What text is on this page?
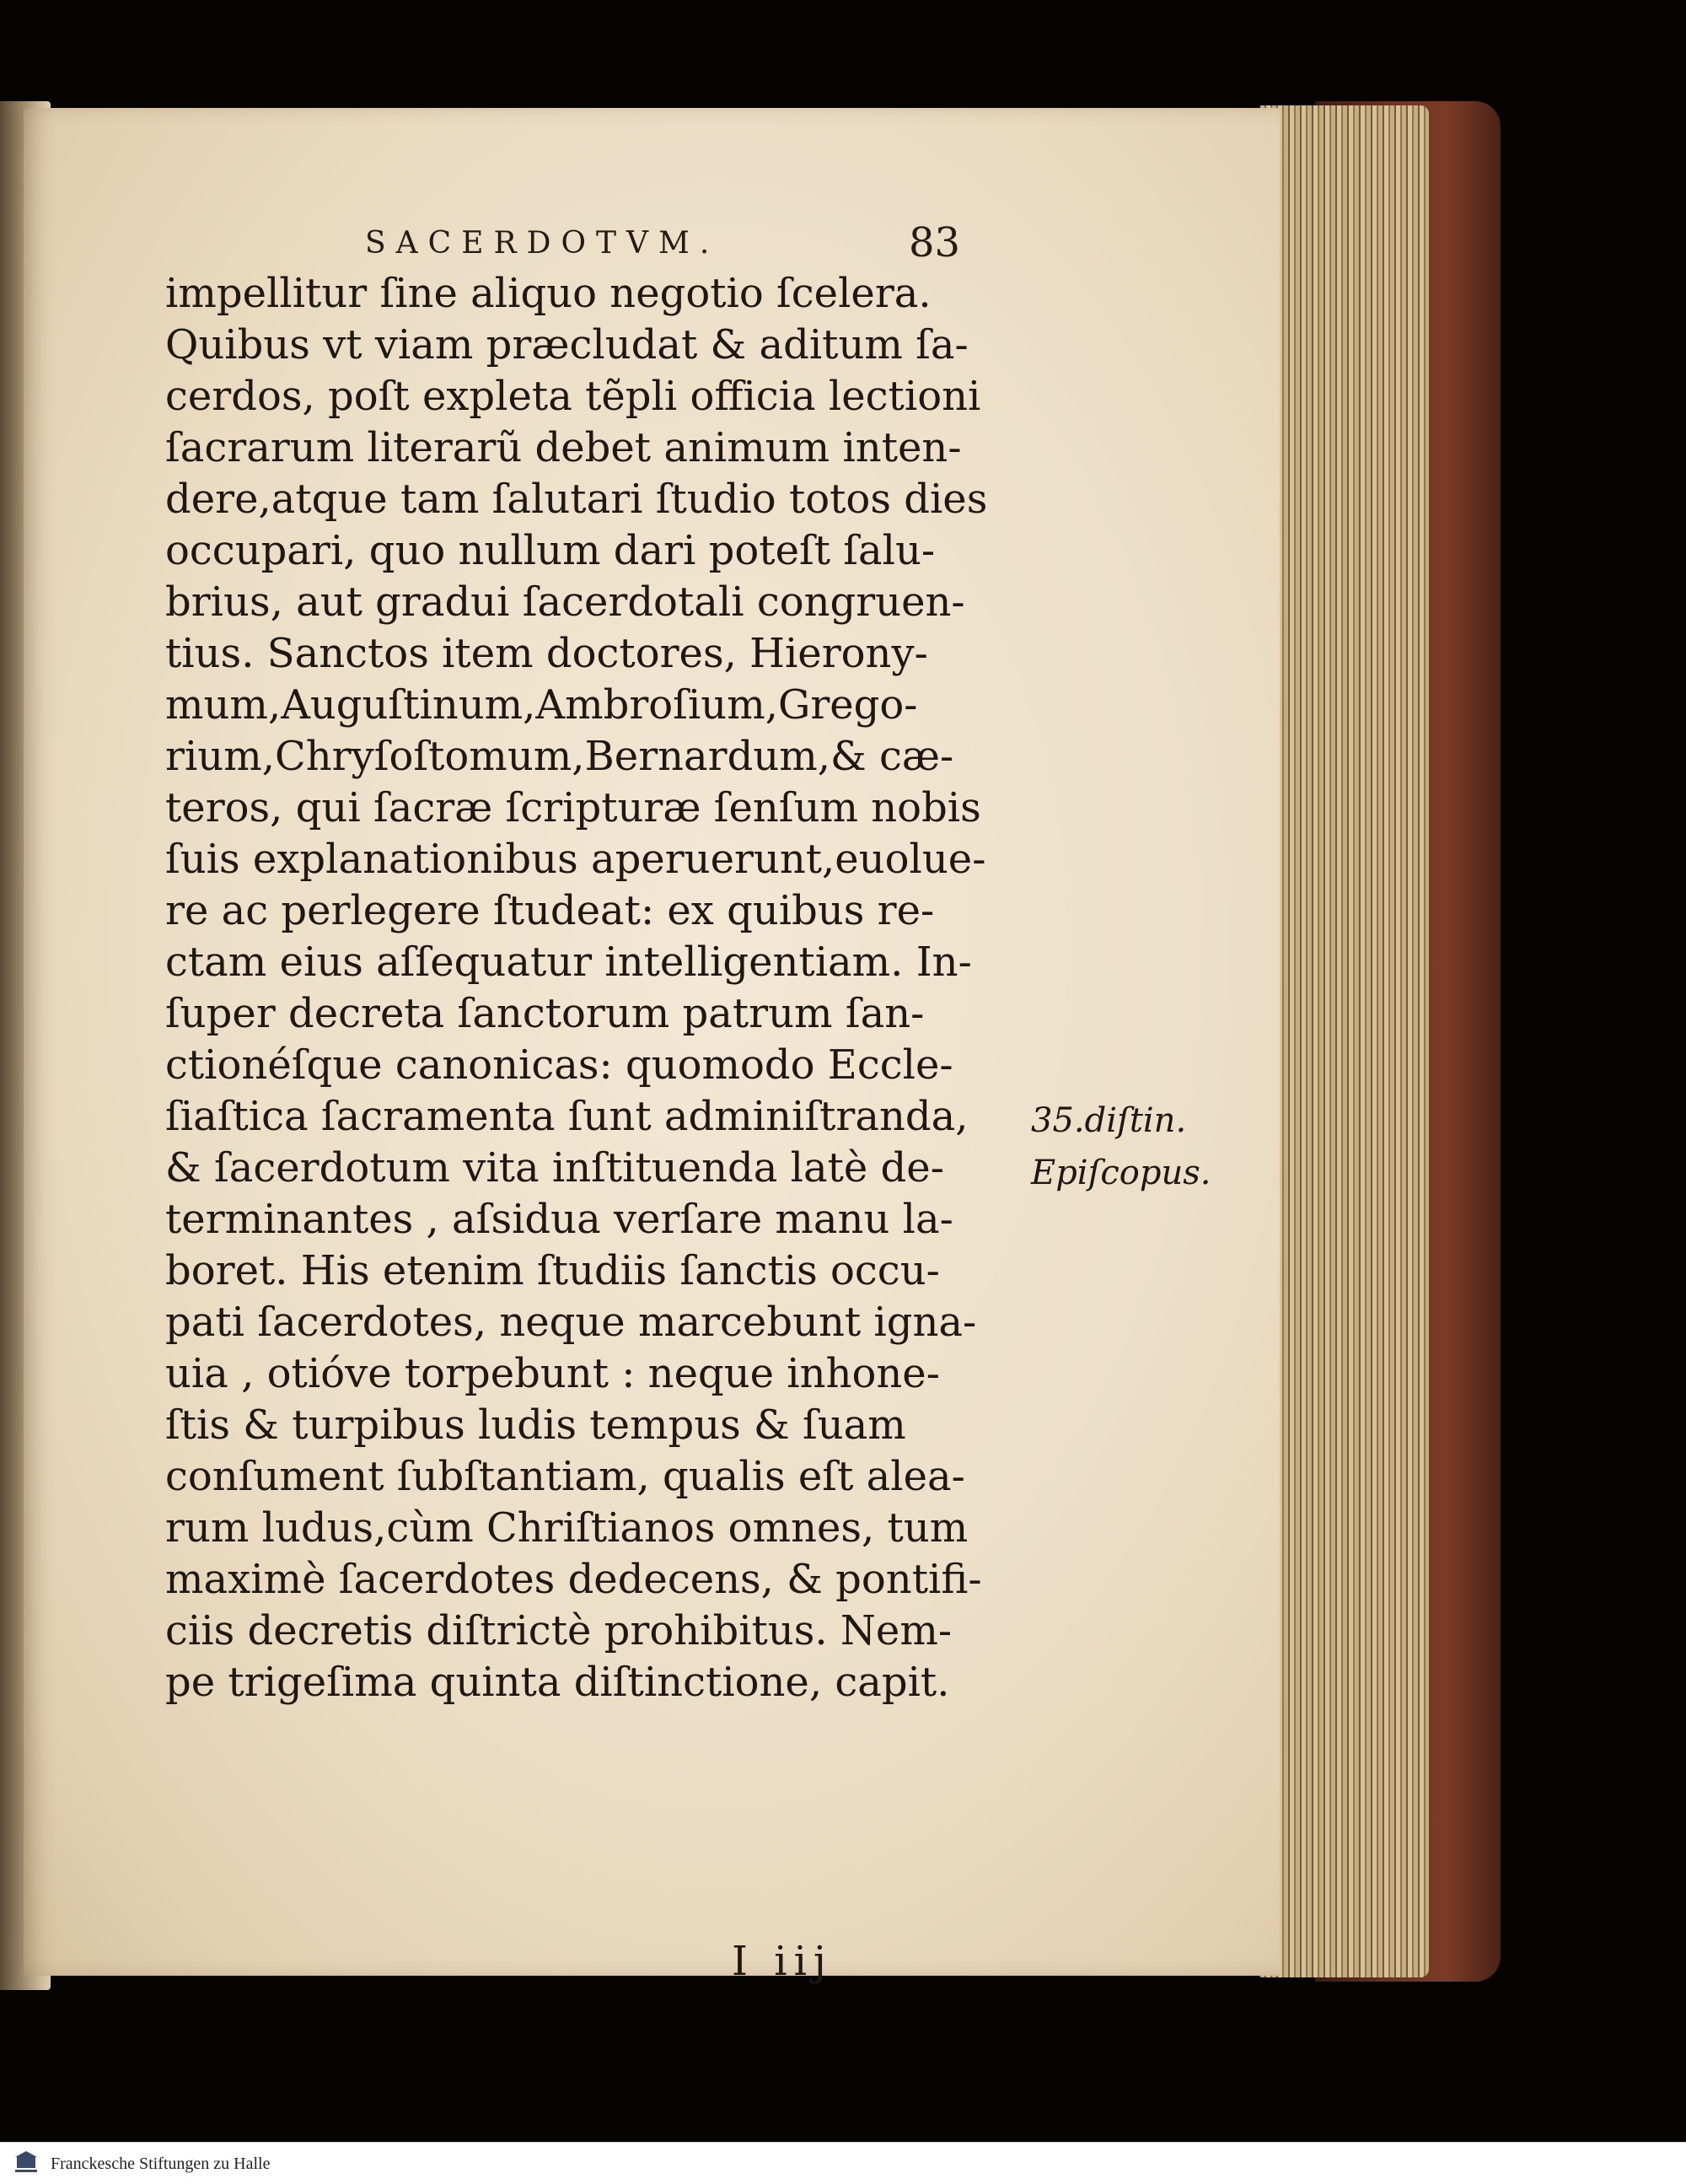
SACERDOTVM.	83
impellitur ſine aliquo negotio ſcelera.
Quibus vt viam præcludat & aditum ſa-
cerdos, poſt expleta tẽpli officia lectioni
ſacrarum literarũ debet animum inten-
dere,atque tam ſalutari ſtudio totos dies
occupari, quo nullum dari poteſt ſalu-
brius, aut gradui ſacerdotali congruen-
tius. Sanctos item doctores, Hierony-
mum,Auguſtinum,Ambroſium,Grego-
rium,Chryſoſtomum,Bernardum,& cæ-
teros, qui ſacræ ſcripturæ ſenſum nobis
ſuis explanationibus aperuerunt,euolue-
re ac perlegere ſtudeat: ex quibus re-
ctam eius aſſequatur intelligentiam. In-
ſuper decreta ſanctorum patrum ſan-
ctionéſque canonicas: quomodo Eccle-
ſiaſtica ſacramenta ſunt adminiſtranda,
& ſacerdotum vita inſtituenda latè de-
terminantes , aſsidua verſare manu la-
boret. His etenim ſtudiis ſanctis occu-
pati ſacerdotes, neque marcebunt igna-
uia , otióve torpebunt : neque inhone-
ſtis & turpibus ludis tempus & ſuam
conſument ſubſtantiam, qualis eſt alea-
rum ludus,cùm Chriſtianos omnes, tum
maximè ſacerdotes dedecens, & pontifi-
ciis decretis diſtrictè prohibitus. Nem-
pe trigeſima quinta diſtinctione, capit.
35.diſtin.
Epiſcopus.
I iij
Franckesche Stiftungen zu Halle
